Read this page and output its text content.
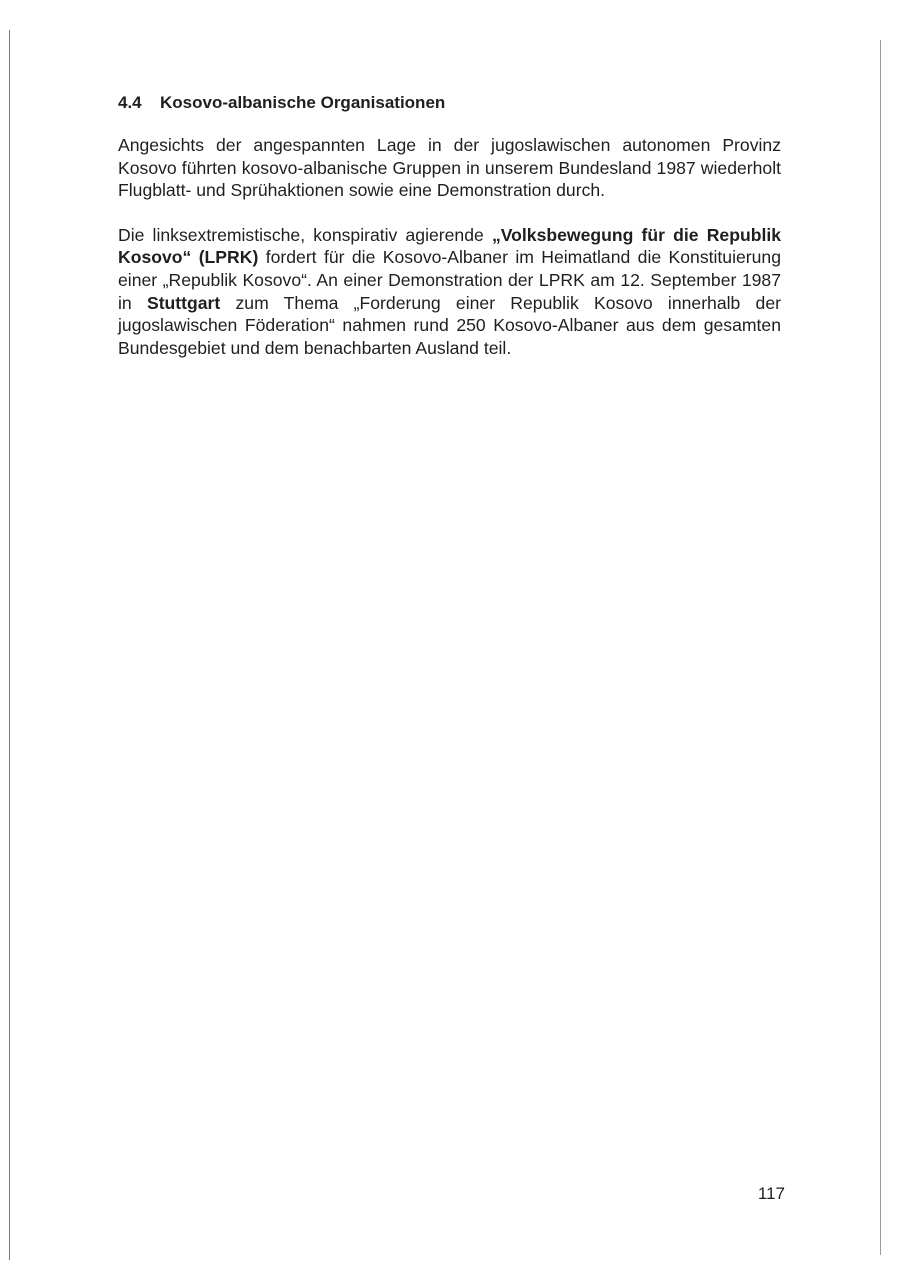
4.4 Kosovo-albanische Organisationen

Angesichts der angespannten Lage in der jugoslawischen autonomen Provinz Kosovo führten kosovo-albanische Gruppen in unserem Bundesland 1987 wiederholt Flugblatt- und Sprühaktionen sowie eine Demonstration durch.

Die linksextremistische, konspirativ agierende „Volksbewegung für die Republik Kosovo“ (LPRK) fordert für die Kosovo-Albaner im Heimatland die Konstituierung einer „Republik Kosovo“. An einer Demonstration der LPRK am 12. September 1987 in Stuttgart zum Thema „Forderung einer Republik Kosovo innerhalb der jugoslawischen Föderation“ nahmen rund 250 Kosovo-Albaner aus dem gesamten Bundesgebiet und dem benachbarten Ausland teil.

117
